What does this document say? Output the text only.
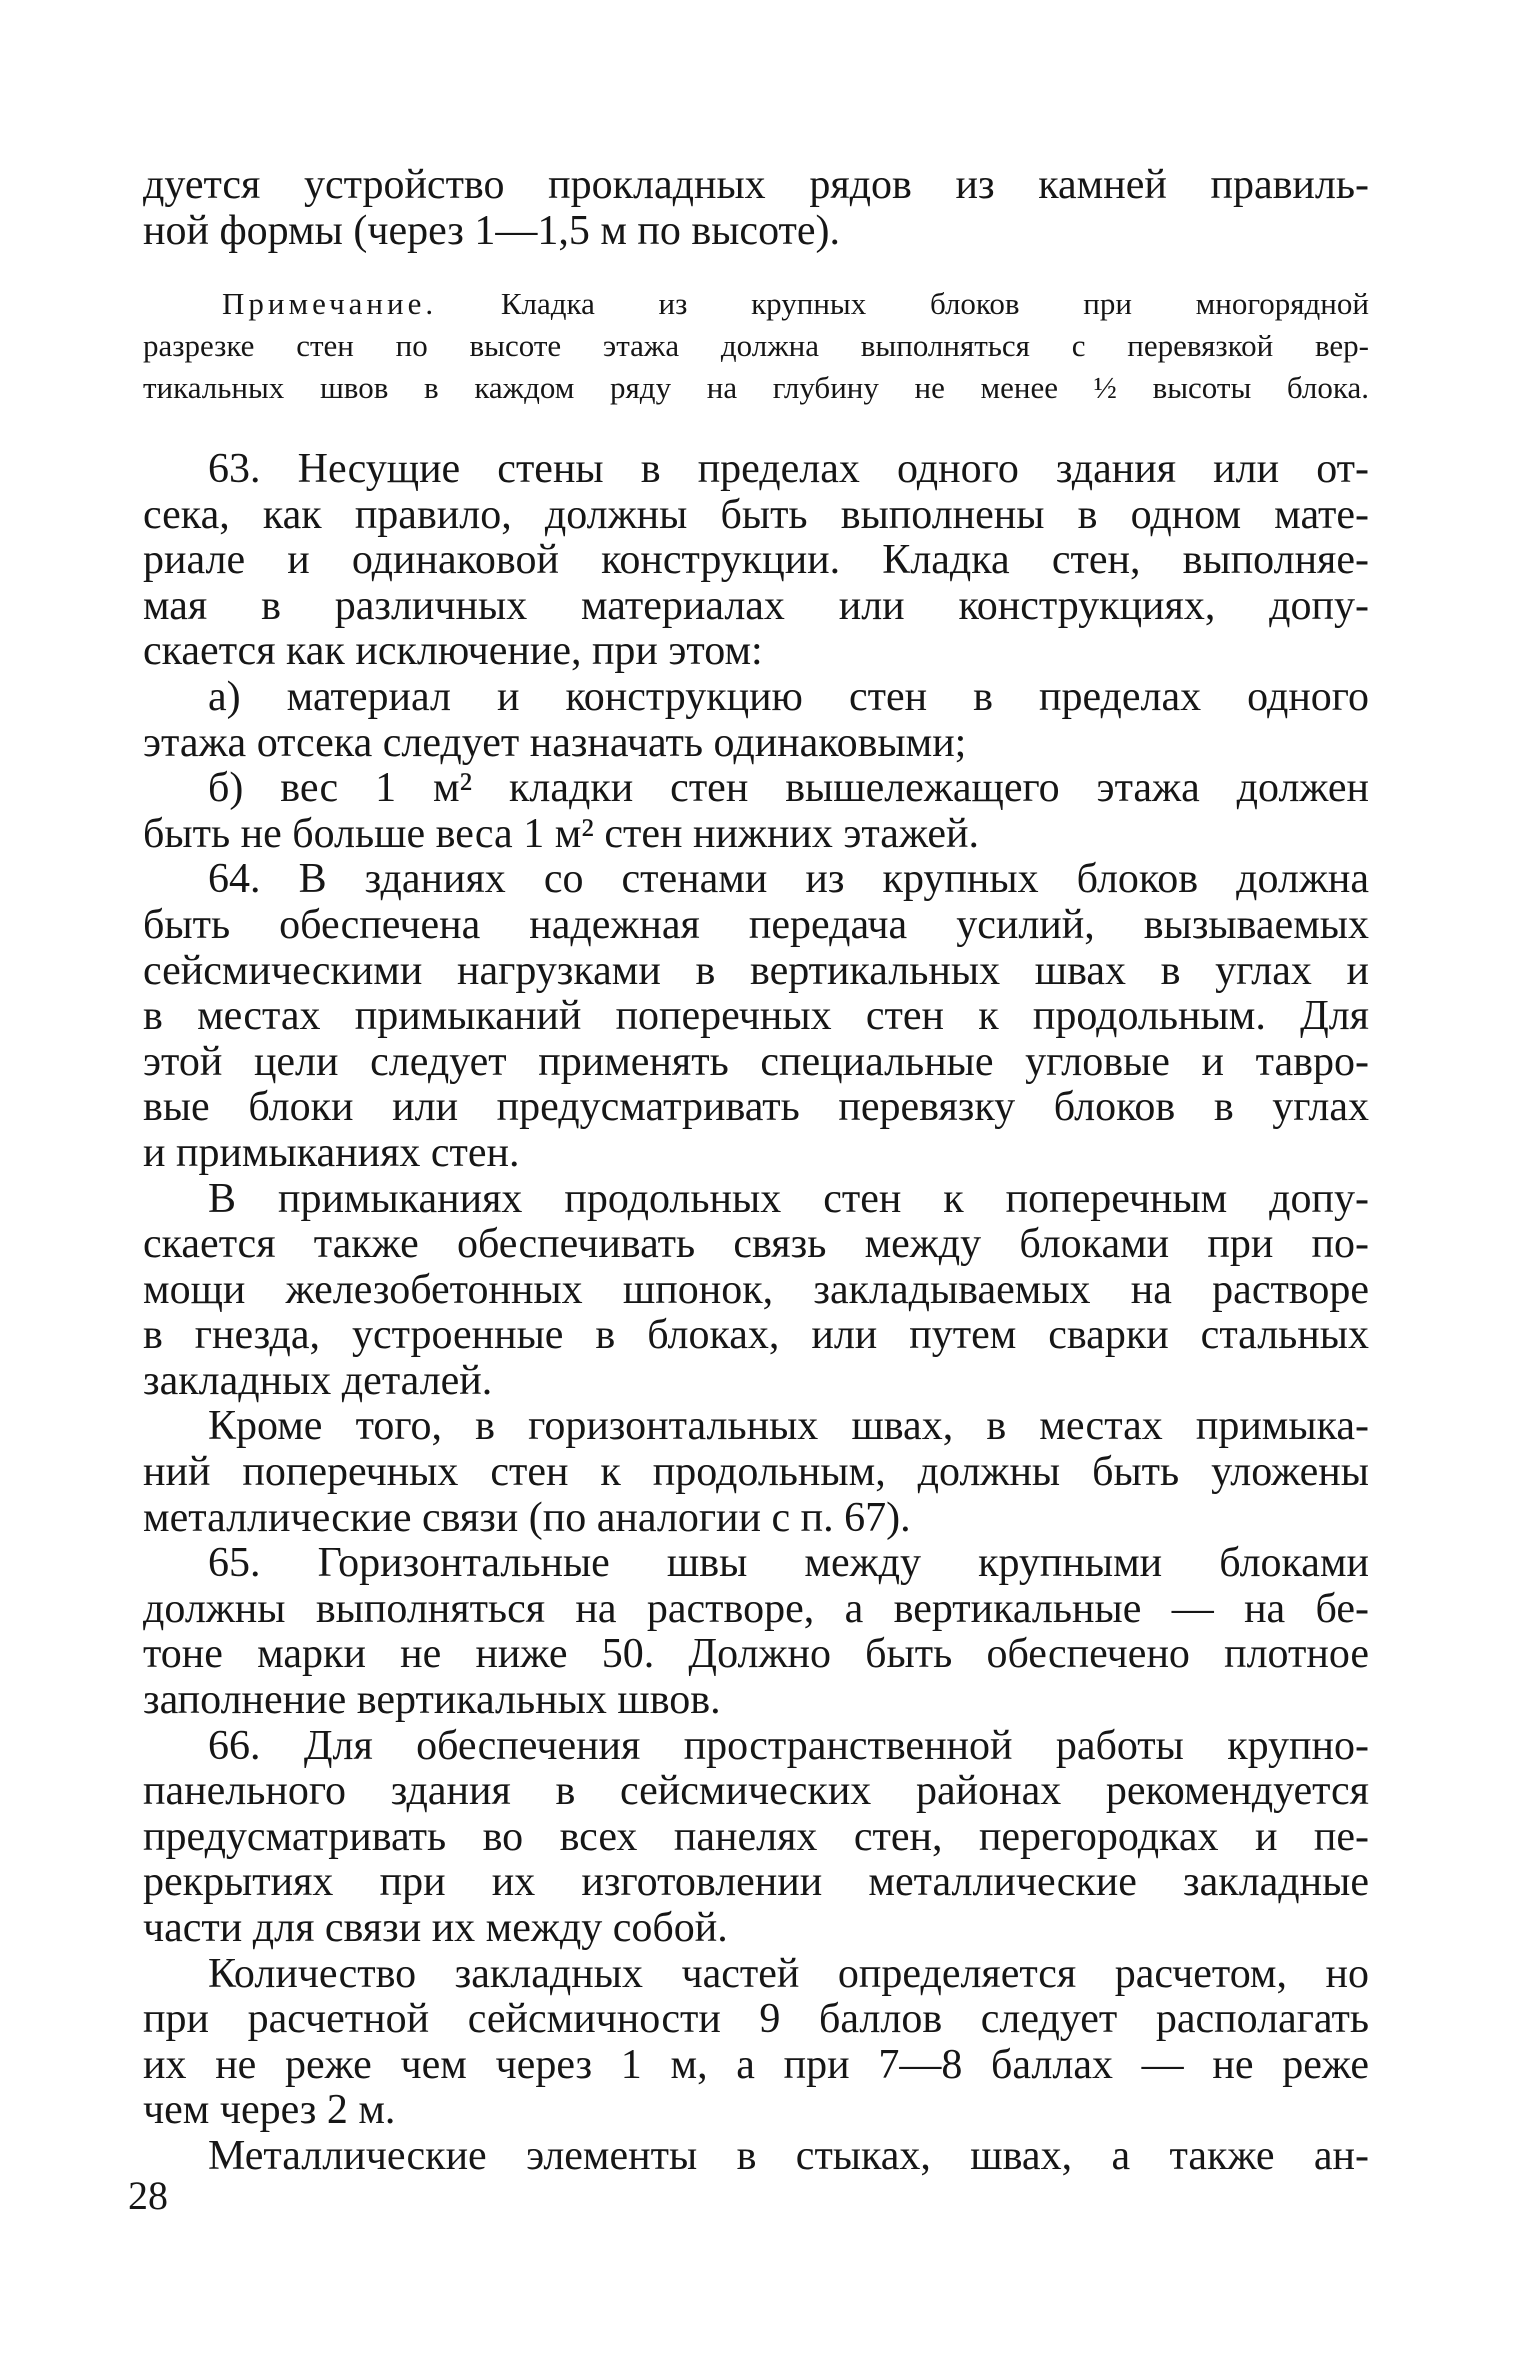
дуется устройство прокладных рядов из камней правиль-
ной формы (через 1—1,5 м по высоте).
Примечание. Кладка из крупных блоков при многорядной
разрезке стен по высоте этажа должна выполняться с перевязкой вер-
тикальных швов в каждом ряду на глубину не менее ½ высоты блока.
63. Несущие стены в пределах одного здания или от-
сека, как правило, должны быть выполнены в одном мате-
риале и одинаковой конструкции. Кладка стен, выполняе-
мая в различных материалах или конструкциях, допу-
скается как исключение, при этом:
а) материал и конструкцию стен в пределах одного
этажа отсека следует назначать одинаковыми;
б) вес 1 м² кладки стен вышележащего этажа должен
быть не больше веса 1 м² стен нижних этажей.
64. В зданиях со стенами из крупных блоков должна
быть обеспечена надежная передача усилий, вызываемых
сейсмическими нагрузками в вертикальных швах в углах и
в местах примыканий поперечных стен к продольным. Для
этой цели следует применять специальные угловые и тавро-
вые блоки или предусматривать перевязку блоков в углах
и примыканиях стен.
В примыканиях продольных стен к поперечным допу-
скается также обеспечивать связь между блоками при по-
мощи железобетонных шпонок, закладываемых на растворе
в гнезда, устроенные в блоках, или путем сварки стальных
закладных деталей.
Кроме того, в горизонтальных швах, в местах примыка-
ний поперечных стен к продольным, должны быть уложены
металлические связи (по аналогии с п. 67).
65. Горизонтальные швы между крупными блоками
должны выполняться на растворе, а вертикальные — на бе-
тоне марки не ниже 50. Должно быть обеспечено плотное
заполнение вертикальных швов.
66. Для обеспечения пространственной работы крупно-
панельного здания в сейсмических районах рекомендуется
предусматривать во всех панелях стен, перегородках и пе-
рекрытиях при их изготовлении металлические закладные
части для связи их между собой.
Количество закладных частей определяется расчетом, но
при расчетной сейсмичности 9 баллов следует располагать
их не реже чем через 1 м, а при 7—8 баллах — не реже
чем через 2 м.
Металлические элементы в стыках, швах, а также ан-
28
